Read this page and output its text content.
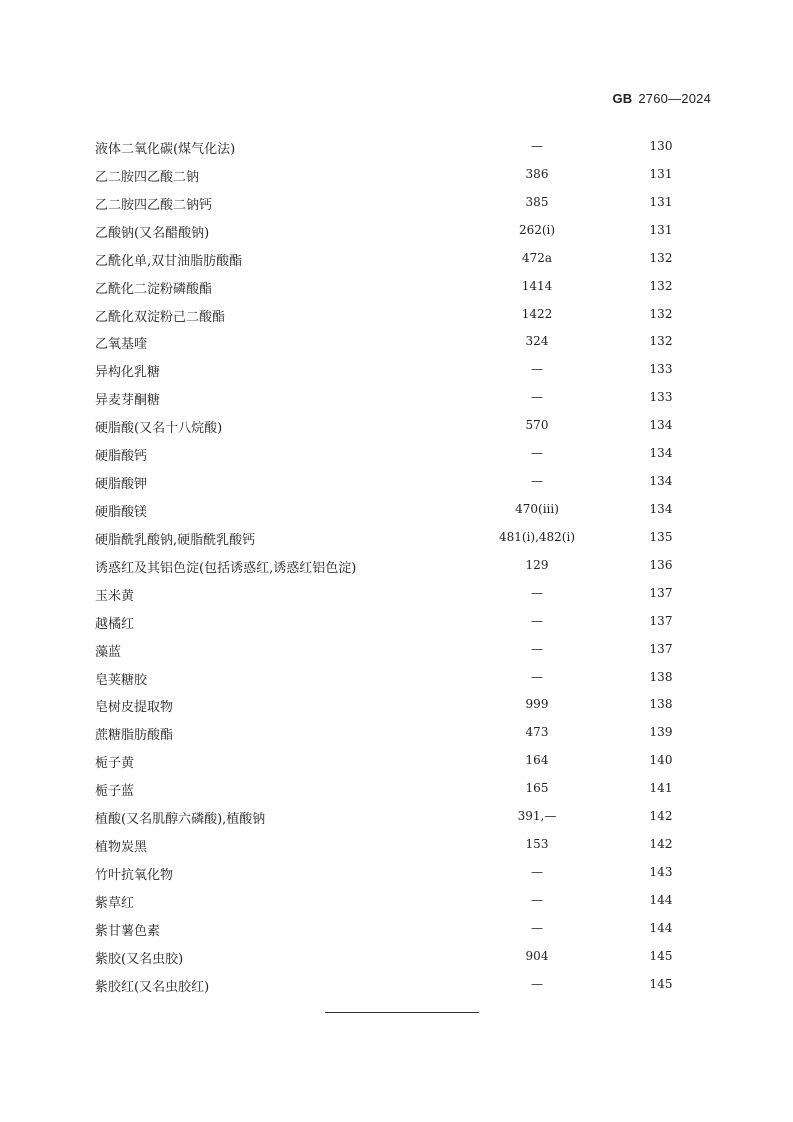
GB 2760—2024
液体二氧化碳(煤气化法)	—	130
乙二胺四乙酸二钠	386	131
乙二胺四乙酸二钠钙	385	131
乙酸钠(又名醋酸钠)	262(i)	131
乙酰化单,双甘油脂肪酸酯	472a	132
乙酰化二淀粉磷酸酯	1414	132
乙酰化双淀粉己二酸酯	1422	132
乙氧基喹	324	132
异构化乳糖	—	133
异麦芽酮糖	—	133
硬脂酸(又名十八烷酸)	570	134
硬脂酸钙	—	134
硬脂酸钾	—	134
硬脂酸镁	470(iii)	134
硬脂酰乳酸钠,硬脂酰乳酸钙	481(i),482(i)	135
诱惑红及其铝色淀(包括诱惑红,诱惑红铝色淀)	129	136
玉米黄	—	137
越橘红	—	137
藻蓝	—	137
皂荚糖胶	—	138
皂树皮提取物	999	138
蔗糖脂肪酸酯	473	139
栀子黄	164	140
栀子蓝	165	141
植酸(又名肌醇六磷酸),植酸钠	391,—	142
植物炭黑	153	142
竹叶抗氧化物	—	143
紫草红	—	144
紫甘薯色素	—	144
紫胶(又名虫胶)	904	145
紫胶红(又名虫胶红)	—	145
